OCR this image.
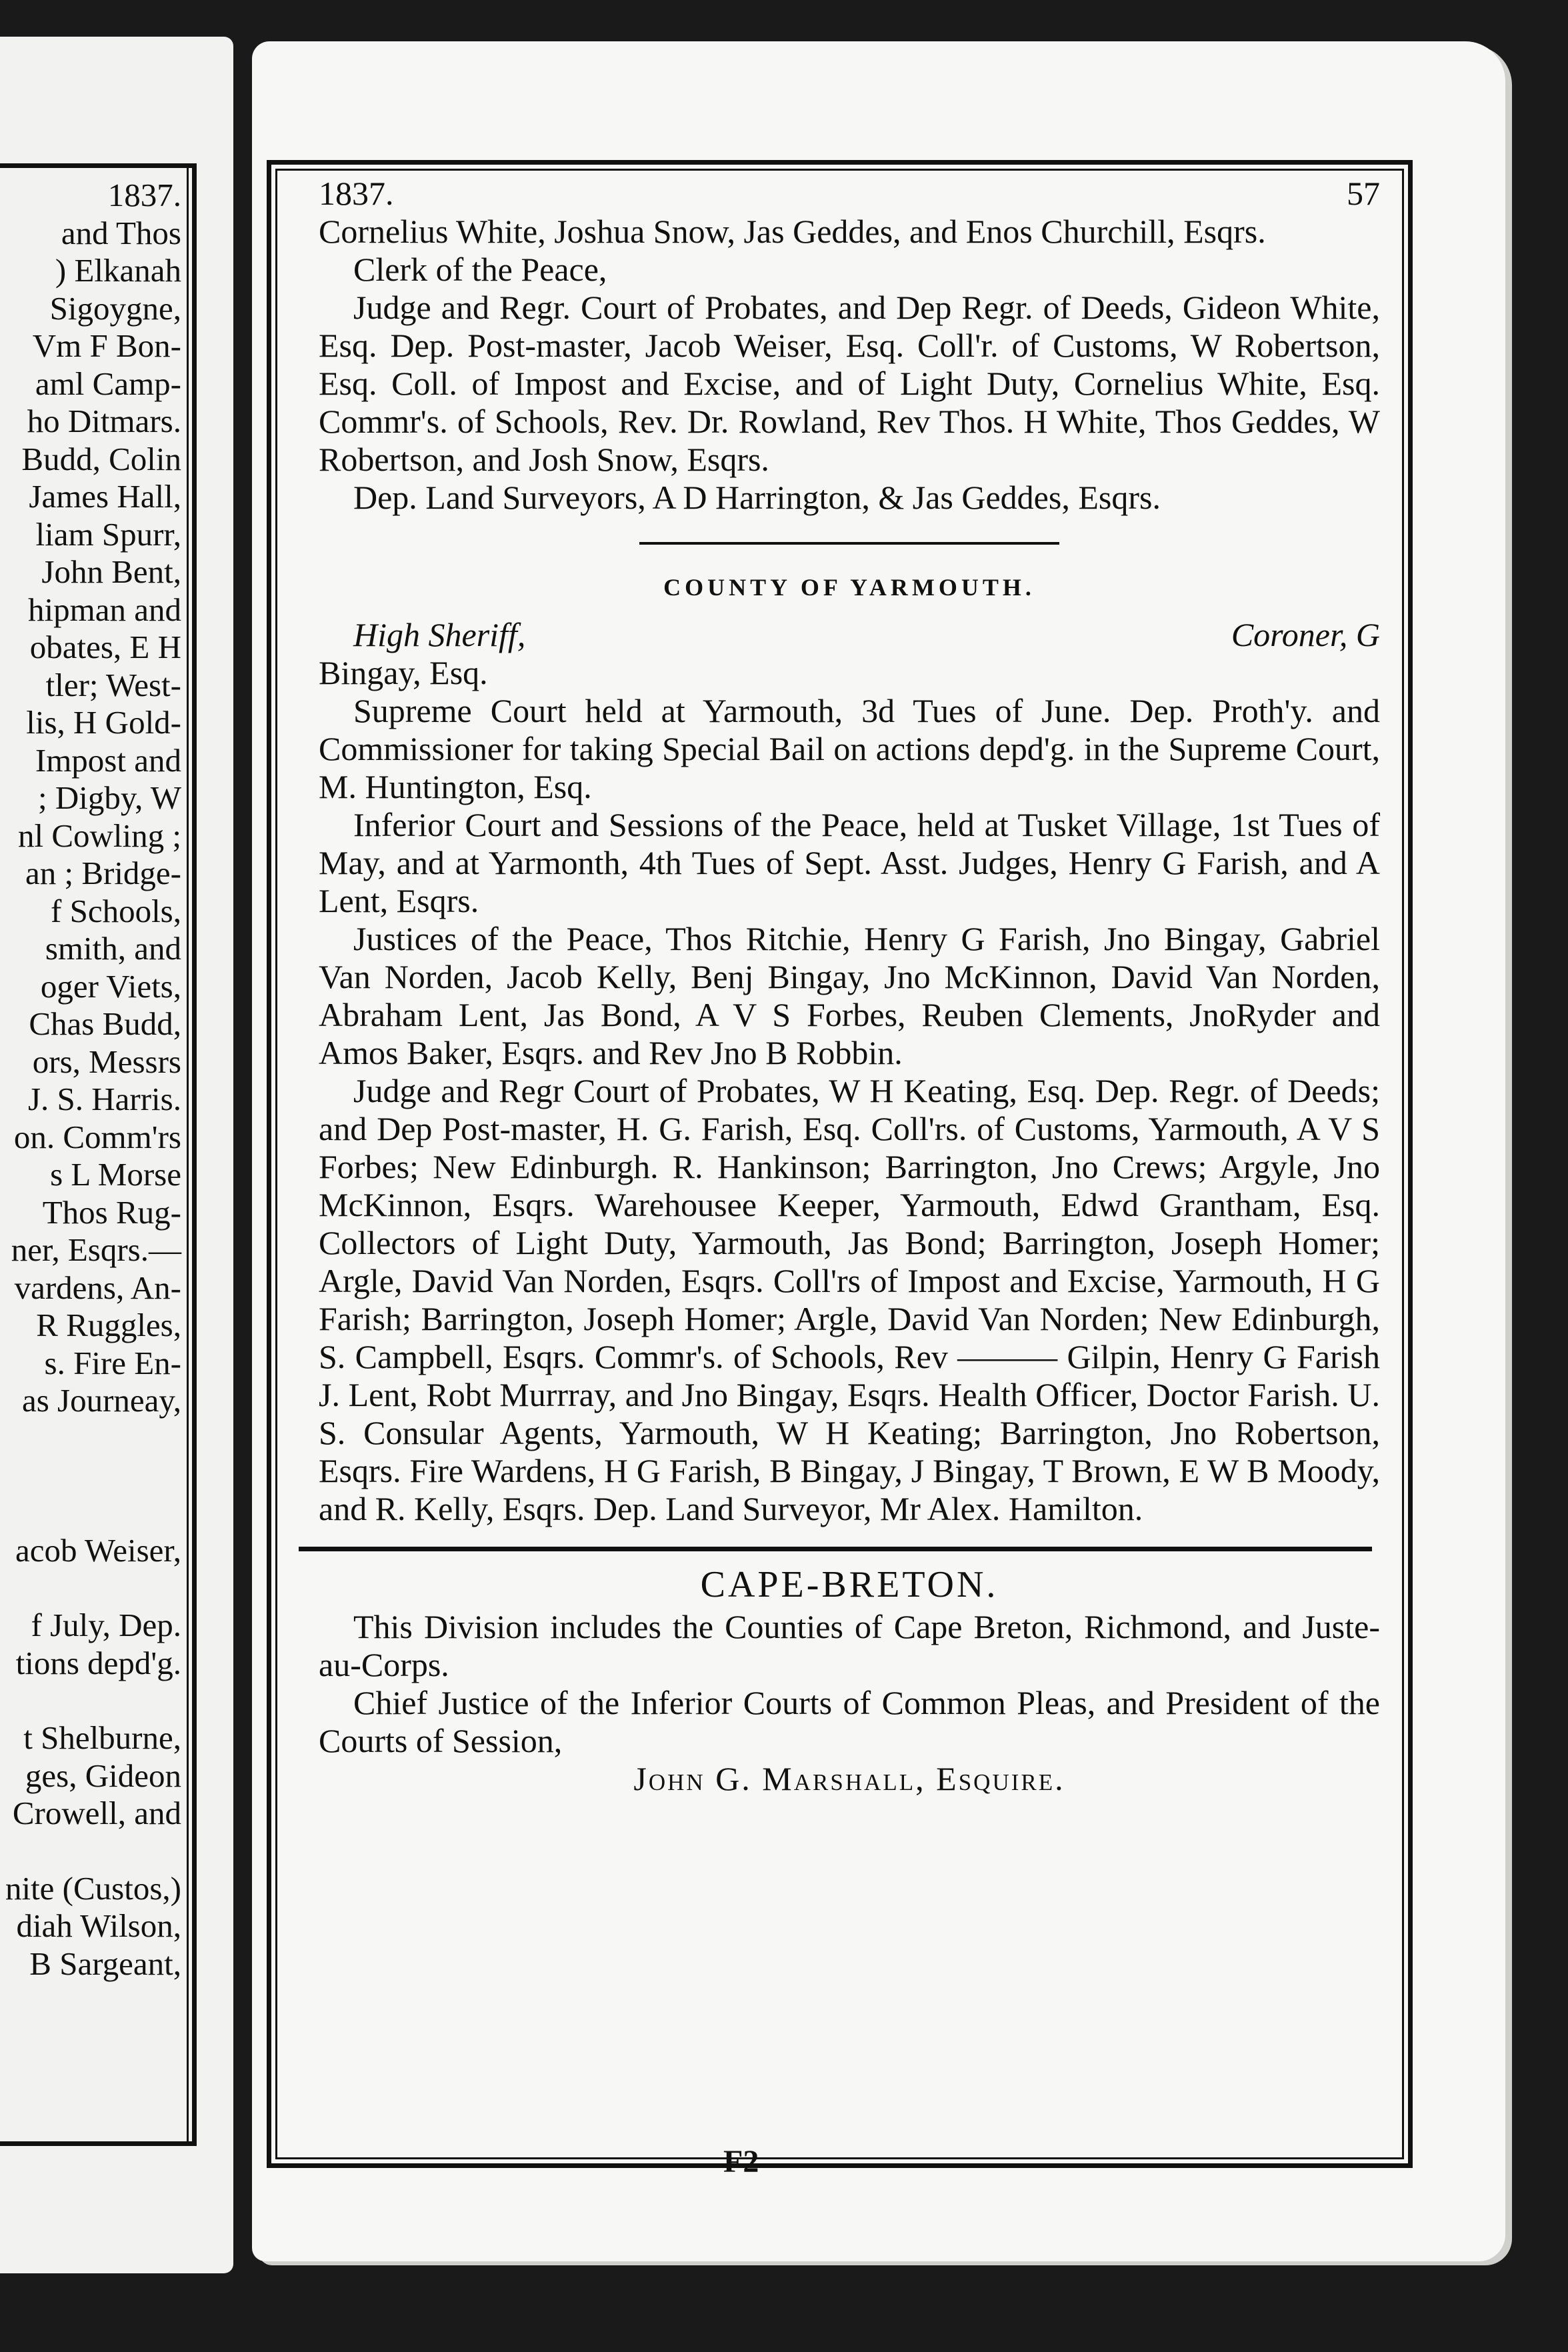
1837.
and Thos
) Elkanah
Sigoygne,
Vm F Bon-
aml Camp-
ho Ditmars.
Budd, Colin
James Hall,
liam Spurr,
John Bent,
hipman and
obates, E H
tler; West-
lis, H Gold-
Impost and
; Digby, W
nl Cowling ;
an ; Bridge-
f Schools,
smith, and
oger Viets,
Chas Budd,
ors, Messrs
J. S. Harris.
on. Comm'rs
s L Morse
Thos Rug-
ner, Esqrs.—
vardens, An-
R Ruggles,
s. Fire En-
as Journeay,

acob Weiser,

f July, Dep.
tions depd'g.

t Shelburne,
ges, Gideon
Crowell, and

nite (Custos,)
diah Wilson,
B Sargeant,
1837.	57
Cornelius White, Joshua Snow, Jas Geddes, and Enos Churchill, Esqrs.
Clerk of the Peace,
Judge and Regr. Court of Probates, and Dep Regr. of Deeds, Gideon White, Esq. Dep. Post-master, Jacob Weiser, Esq. Coll'r. of Customs, W Robertson, Esq. Coll. of Impost and Excise, and of Light Duty, Cornelius White, Esq. Commr's. of Schools, Rev. Dr. Rowland, Rev Thos. H White, Thos Geddes, W Robertson, and Josh Snow, Esqrs.
Dep. Land Surveyors, A D Harrington, & Jas Geddes, Esqrs.
COUNTY OF YARMOUTH.
High Sheriff,	Coroner, G
Bingay, Esq.
Supreme Court held at Yarmouth, 3d Tues of June. Dep. Proth'y. and Commissioner for taking Special Bail on actions depd'g. in the Supreme Court, M. Huntington, Esq.
Inferior Court and Sessions of the Peace, held at Tusket Village, 1st Tues of May, and at Yarmonth, 4th Tues of Sept. Asst. Judges, Henry G Farish, and A Lent, Esqrs.
Justices of the Peace, Thos Ritchie, Henry G Farish, Jno Bingay, Gabriel Van Norden, Jacob Kelly, Benj Bingay, Jno McKinnon, David Van Norden, Abraham Lent, Jas Bond, A V S Forbes, Reuben Clements, JnoRyder and Amos Baker, Esqrs. and Rev Jno B Robbin.
Judge and Regr Court of Probates, W H Keating, Esq. Dep. Regr. of Deeds; and Dep Post-master, H. G. Farish, Esq. Coll'rs. of Customs, Yarmouth, A V S Forbes; New Edinburgh. R. Hankinson; Barrington, Jno Crews; Argyle, Jno McKinnon, Esqrs. Warehousee Keeper, Yarmouth, Edwd Grantham, Esq. Collectors of Light Duty, Yarmouth, Jas Bond; Barrington, Joseph Homer; Argle, David Van Norden, Esqrs. Coll'rs of Impost and Excise, Yarmouth, H G Farish; Barrington, Joseph Homer; Argle, David Van Norden; New Edinburgh, S. Campbell, Esqrs. Commr's. of Schools, Rev ——— Gilpin, Henry G Farish J. Lent, Robt Murrray, and Jno Bingay, Esqrs. Health Officer, Doctor Farish. U. S. Consular Agents, Yarmouth, W H Keating; Barrington, Jno Robertson, Esqrs. Fire Wardens, H G Farish, B Bingay, J Bingay, T Brown, E W B Moody, and R. Kelly, Esqrs. Dep. Land Surveyor, Mr Alex. Hamilton.
CAPE-BRETON.
This Division includes the Counties of Cape Breton, Richmond, and Juste-au-Corps.
Chief Justice of the Inferior Courts of Common Pleas, and President of the Courts of Session,
John G. Marshall, Esquire.
F2
